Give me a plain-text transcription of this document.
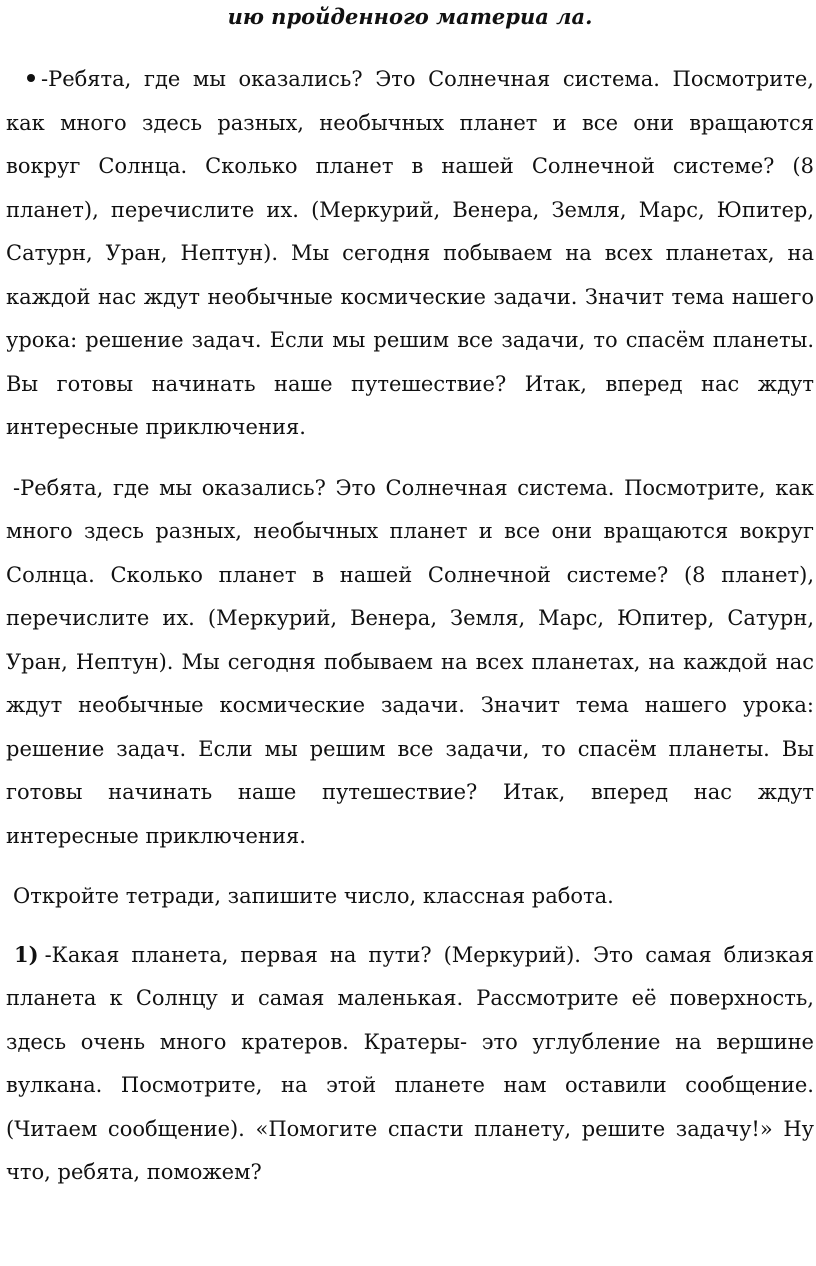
ию пройденного материа ла.

-Ребята, где мы оказались? Это Солнечная система. Посмотрите, как много здесь разных, необычных планет и все они вращаются вокруг Солнца. Сколько планет в нашей Солнечной системе? (8 планет), перечислите их. (Меркурий, Венера, Земля, Марс, Юпитер, Сатурн, Уран, Нептун). Мы сегодня побываем на всех планетах, на каждой нас ждут необычные космические задачи. Значит тема нашего урока: решение задач. Если мы решим все задачи, то спасём планеты. Вы готовы начинать наше путешествие? Итак, вперед нас ждут интересные приключения.

-Ребята, где мы оказались? Это Солнечная система. Посмотрите, как много здесь разных, необычных планет и все они вращаются вокруг Солнца. Сколько планет в нашей Солнечной системе? (8 планет), перечислите их. (Меркурий, Венера, Земля, Марс, Юпитер, Сатурн, Уран, Нептун). Мы сегодня побываем на всех планетах, на каждой нас ждут необычные космические задачи. Значит тема нашего урока: решение задач. Если мы решим все задачи, то спасём планеты. Вы готовы начинать наше путешествие? Итак, вперед нас ждут интересные приключения.

Откройте тетради, запишите число, классная работа.

1) -Какая планета, первая на пути? (Меркурий). Это самая близкая планета к Солнцу и самая маленькая. Рассмотрите её поверхность, здесь очень много кратеров. Кратеры- это углубление на вершине вулкана. Посмотрите, на этой планете нам оставили сообщение. (Читаем сообщение). «Помогите спасти планету, решите задачу!» Ну что, ребята, поможем?
